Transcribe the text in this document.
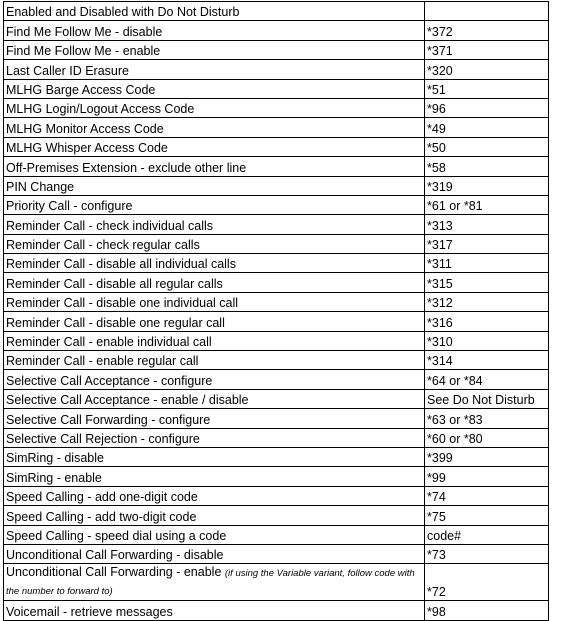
Enabled and Disabled with Do Not Disturb	
Find Me Follow Me - disable	*372
Find Me Follow Me - enable	*371
Last Caller ID Erasure	*320
MLHG Barge Access Code	*51
MLHG Login/Logout Access Code	*96
MLHG Monitor Access Code	*49
MLHG Whisper Access Code	*50
Off-Premises Extension - exclude other line	*58
PIN Change	*319
Priority Call - configure	*61 or *81
Reminder Call - check individual calls	*313
Reminder Call - check regular calls	*317
Reminder Call - disable all individual calls	*311
Reminder Call - disable all regular calls	*315
Reminder Call - disable one individual call	*312
Reminder Call - disable one regular call	*316
Reminder Call - enable individual call	*310
Reminder Call - enable regular call	*314
Selective Call Acceptance - configure	*64 or *84
Selective Call Acceptance - enable / disable	See Do Not Disturb
Selective Call Forwarding - configure	*63 or *83
Selective Call Rejection - configure	*60 or *80
SimRing - disable	*399
SimRing - enable	*99
Speed Calling - add one-digit code	*74
Speed Calling - add two-digit code	*75
Speed Calling - speed dial using a code	code#
Unconditional Call Forwarding - disable	*73
Unconditional Call Forwarding - enable (if using the Variable variant, follow code with the number to forward to)	*72
Voicemail - retrieve messages	*98
